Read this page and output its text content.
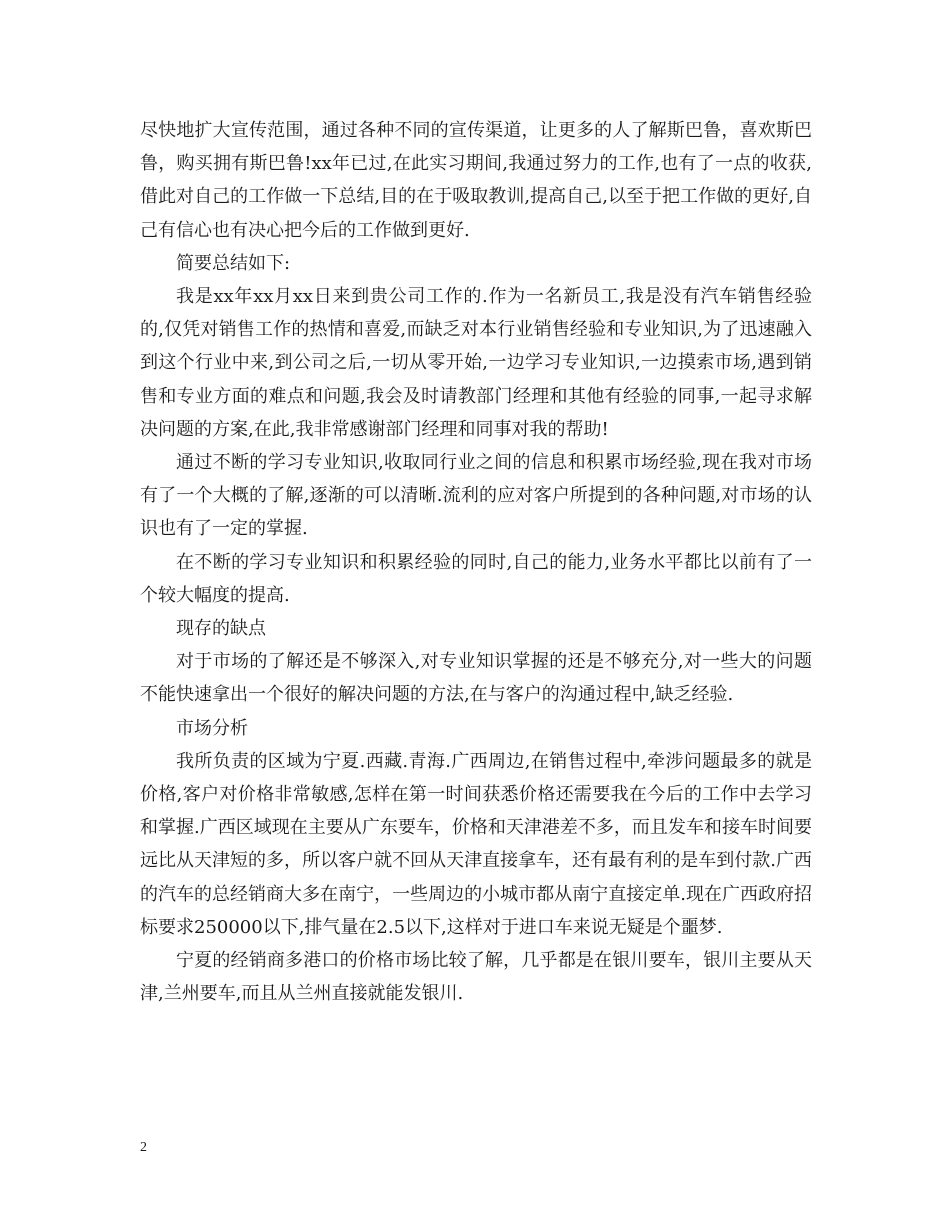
尽快地扩大宣传范围，通过各种不同的宣传渠道，让更多的人了解斯巴鲁，喜欢斯巴鲁，购买拥有斯巴鲁!xx年已过,在此实习期间,我通过努力的工作,也有了一点的收获,借此对自己的工作做一下总结,目的在于吸取教训,提高自己,以至于把工作做的更好,自己有信心也有决心把今后的工作做到更好.

简要总结如下:

我是xx年xx月xx日来到贵公司工作的.作为一名新员工,我是没有汽车销售经验的,仅凭对销售工作的热情和喜爱,而缺乏对本行业销售经验和专业知识,为了迅速融入到这个行业中来,到公司之后,一切从零开始,一边学习专业知识,一边摸索市场,遇到销售和专业方面的难点和问题,我会及时请教部门经理和其他有经验的同事,一起寻求解决问题的方案,在此,我非常感谢部门经理和同事对我的帮助!

通过不断的学习专业知识,收取同行业之间的信息和积累市场经验,现在我对市场有了一个大概的了解,逐渐的可以清晰.流利的应对客户所提到的各种问题,对市场的认识也有了一定的掌握.

在不断的学习专业知识和积累经验的同时,自己的能力,业务水平都比以前有了一个较大幅度的提高.

现存的缺点

对于市场的了解还是不够深入,对专业知识掌握的还是不够充分,对一些大的问题不能快速拿出一个很好的解决问题的方法,在与客户的沟通过程中,缺乏经验.

市场分析

我所负责的区域为宁夏.西藏.青海.广西周边,在销售过程中,牵涉问题最多的就是价格,客户对价格非常敏感,怎样在第一时间获悉价格还需要我在今后的工作中去学习和掌握.广西区域现在主要从广东要车，价格和天津港差不多，而且发车和接车时间要远比从天津短的多，所以客户就不回从天津直接拿车，还有最有利的是车到付款.广西的汽车的总经销商大多在南宁，一些周边的小城市都从南宁直接定单.现在广西政府招标要求250000以下,排气量在2.5以下,这样对于进口车来说无疑是个噩梦.

宁夏的经销商多港口的价格市场比较了解，几乎都是在银川要车，银川主要从天津,兰州要车,而且从兰州直接就能发银川.

2
